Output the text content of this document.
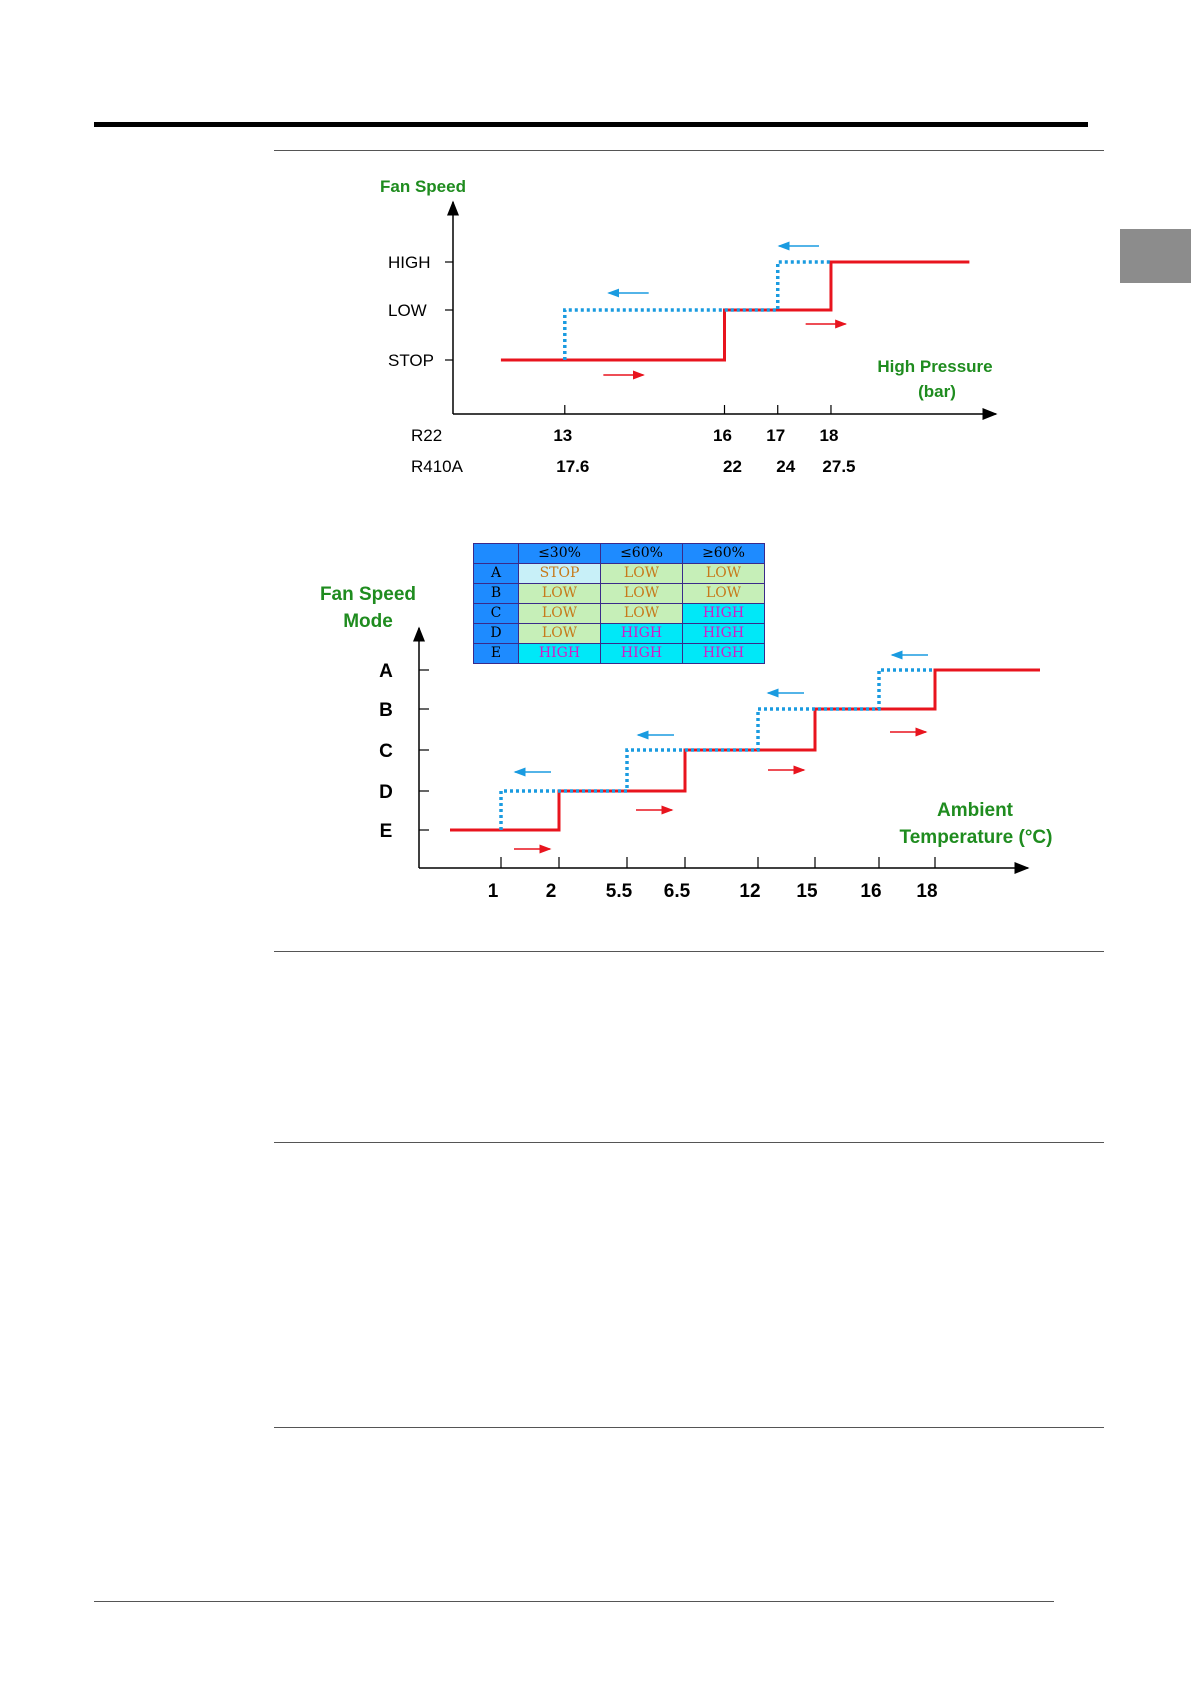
Fan Speed
STOP
LOW
HIGH
13
17.6
16
22
17
24
18
27.5
High Pressure
(bar)
R22
R410A
Fan Speed
Mode
E
D
C
B
A
1 2	5.5 6.5	12 15 16 18
Ambient
Temperature (°C)
	≤30%	≤60%	≥60%
A	STOP	LOW	LOW
B	LOW	LOW	LOW
C	LOW	LOW	HIGH
D	LOW	HIGH	HIGH
E	HIGH	HIGH	HIGH
